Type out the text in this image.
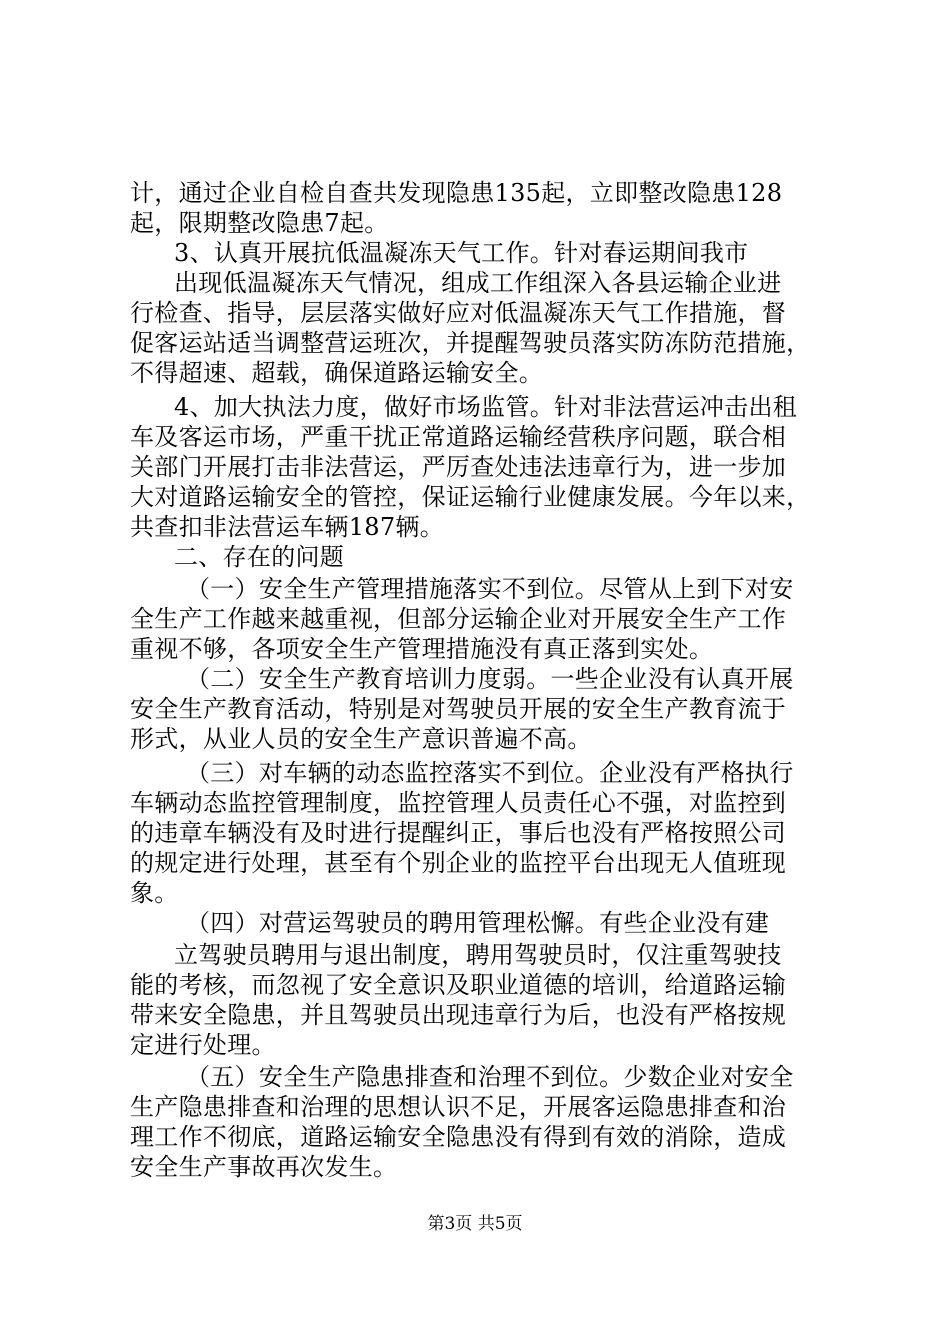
计，通过企业自检自查共发现隐患135起，立即整改隐患128
起，限期整改隐患7起。
3、认真开展抗低温凝冻天气工作。针对春运期间我市
出现低温凝冻天气情况，组成工作组深入各县运输企业进
行检查、指导，层层落实做好应对低温凝冻天气工作措施，督
促客运站适当调整营运班次，并提醒驾驶员落实防冻防范措施，
不得超速、超载，确保道路运输安全。
4、加大执法力度，做好市场监管。针对非法营运冲击出租
车及客运市场，严重干扰正常道路运输经营秩序问题，联合相
关部门开展打击非法营运，严厉查处违法违章行为，进一步加
大对道路运输安全的管控，保证运输行业健康发展。今年以来，
共查扣非法营运车辆187辆。
二、存在的问题
（一）安全生产管理措施落实不到位。尽管从上到下对安
全生产工作越来越重视，但部分运输企业对开展安全生产工作
重视不够，各项安全生产管理措施没有真正落到实处。
（二）安全生产教育培训力度弱。一些企业没有认真开展
安全生产教育活动，特别是对驾驶员开展的安全生产教育流于
形式，从业人员的安全生产意识普遍不高。
（三）对车辆的动态监控落实不到位。企业没有严格执行
车辆动态监控管理制度，监控管理人员责任心不强，对监控到
的违章车辆没有及时进行提醒纠正，事后也没有严格按照公司
的规定进行处理，甚至有个别企业的监控平台出现无人值班现
象。
（四）对营运驾驶员的聘用管理松懈。有些企业没有建
立驾驶员聘用与退出制度，聘用驾驶员时，仅注重驾驶技
能的考核，而忽视了安全意识及职业道德的培训，给道路运输
带来安全隐患，并且驾驶员出现违章行为后，也没有严格按规
定进行处理。
（五）安全生产隐患排查和治理不到位。少数企业对安全
生产隐患排查和治理的思想认识不足，开展客运隐患排查和治
理工作不彻底，道路运输安全隐患没有得到有效的消除，造成
安全生产事故再次发生。
第3页 共5页
